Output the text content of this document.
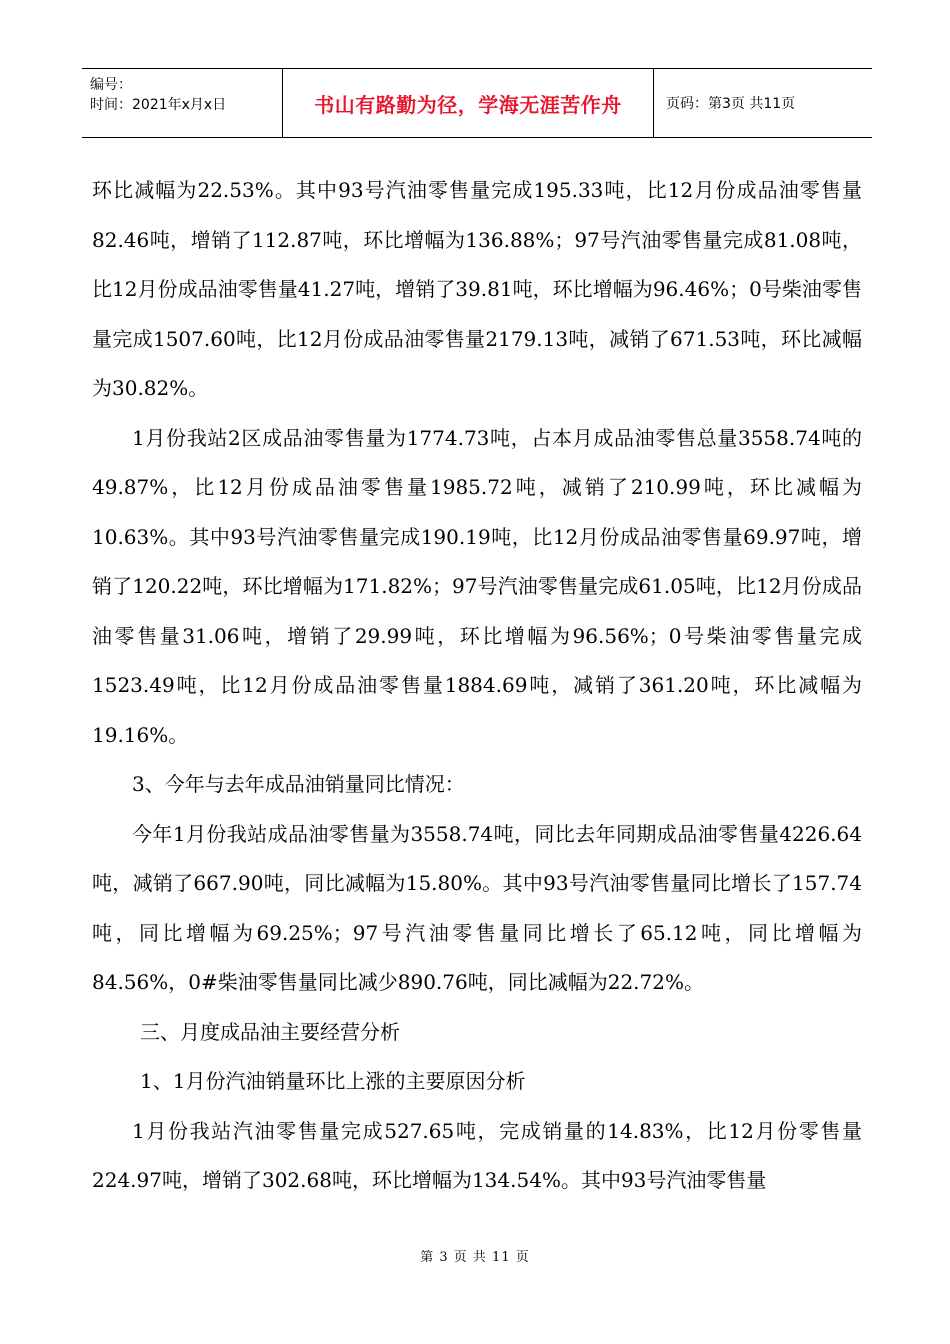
编号：
时间：2021年x月x日	书山有路勤为径，学海无涯苦作舟	页码：第3页 共11页

环比减幅为22.53%。其中93号汽油零售量完成195.33吨，比12月份成品油零售量82.46吨，增销了112.87吨，环比增幅为136.88%；97号汽油零售量完成81.08吨，比12月份成品油零售量41.27吨，增销了39.81吨，环比增幅为96.46%；0号柴油零售量完成1507.60吨，比12月份成品油零售量2179.13吨，减销了671.53吨，环比减幅为30.82%。

1月份我站2区成品油零售量为1774.73吨，占本月成品油零售总量3558.74吨的49.87%，比12月份成品油零售量1985.72吨，减销了210.99吨，环比减幅为10.63%。其中93号汽油零售量完成190.19吨，比12月份成品油零售量69.97吨，增销了120.22吨，环比增幅为171.82%；97号汽油零售量完成61.05吨，比12月份成品油零售量31.06吨，增销了29.99吨，环比增幅为96.56%；0号柴油零售量完成1523.49吨，比12月份成品油零售量1884.69吨，减销了361.20吨，环比减幅为19.16%。

3、今年与去年成品油销量同比情况：

今年1月份我站成品油零售量为3558.74吨，同比去年同期成品油零售量4226.64吨，减销了667.90吨，同比减幅为15.80%。其中93号汽油零售量同比增长了157.74吨，同比增幅为69.25%；97号汽油零售量同比增长了65.12吨，同比增幅为84.56%，0#柴油零售量同比减少890.76吨，同比减幅为22.72%。

三、月度成品油主要经营分析

1、1月份汽油销量环比上涨的主要原因分析

1月份我站汽油零售量完成527.65吨，完成销量的14.83%，比12月份零售量224.97吨，增销了302.68吨，环比增幅为134.54%。其中93号汽油零售量

第 3 页 共 11 页
